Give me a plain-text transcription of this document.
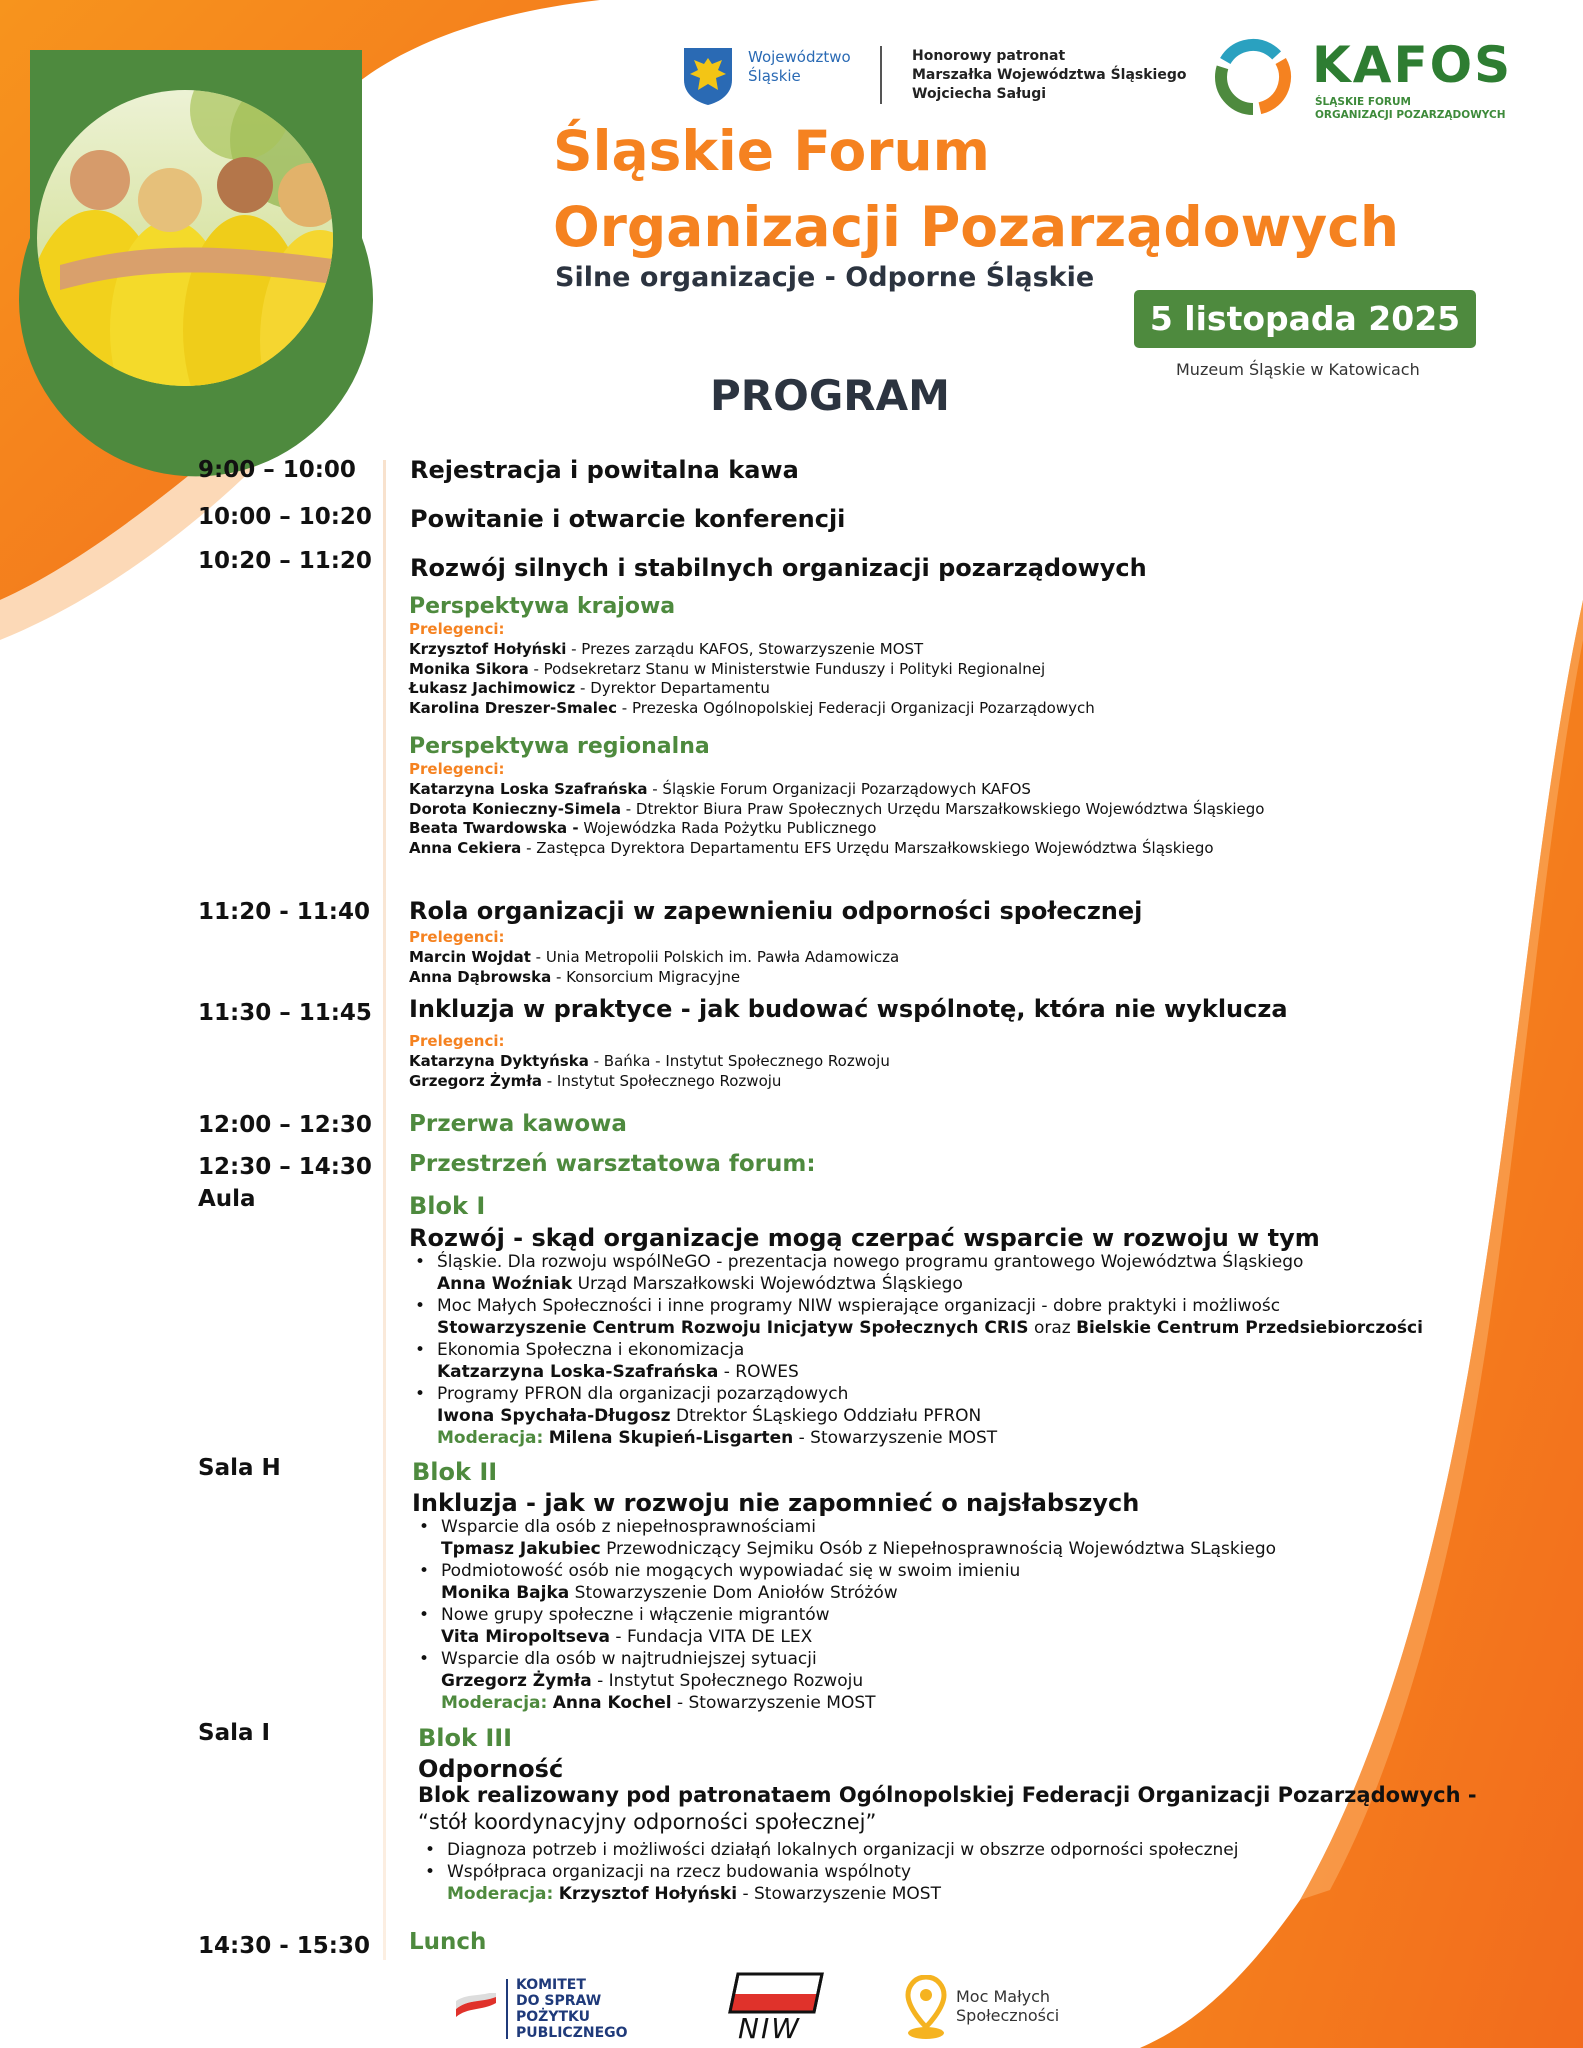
Województwo
Śląskie
Honorowy patronat
Marszałka Województwa Śląskiego
Wojciecha Saługi	KAFOS
ŚLĄSKIE FORUM
ORGANIZACJI POZARZĄDOWYCH
Śląskie Forum
Organizacji Pozarządowych
Silne organizacje - Odporne Śląskie
5 listopada 2025
Muzeum Śląskie w Katowicach
PROGRAM
9:00 – 10:00 Rejestracja i powitalna kawa
10:00 – 10:20 Powitanie i otwarcie konferencji
10:20 – 11:20 Rozwój silnych i stabilnych organizacji pozarządowych
Perspektywa krajowa
Prelegenci:
Krzysztof Hołyński - Prezes zarządu KAFOS, Stowarzyszenie MOST
Monika Sikora - Podsekretarz Stanu w Ministerstwie Funduszy i Polityki Regionalnej
Łukasz Jachimowicz - Dyrektor Departamentu
Karolina Dreszer-Smalec - Prezeska Ogólnopolskiej Federacji Organizacji Pozarządowych
Perspektywa regionalna
Prelegenci:
Katarzyna Loska Szafrańska - Śląskie Forum Organizacji Pozarządowych KAFOS
Dorota Konieczny-Simela - Dtrektor Biura Praw Społecznych Urzędu Marszałkowskiego Województwa Śląskiego
Beata Twardowska - Wojewódzka Rada Pożytku Publicznego
Anna Cekiera - Zastępca Dyrektora Departamentu EFS Urzędu Marszałkowskiego Województwa Śląskiego
11:20 - 11:40 Rola organizacji w zapewnieniu odporności społecznej
Prelegenci:
Marcin Wojdat - Unia Metropolii Polskich im. Pawła Adamowicza
Anna Dąbrowska - Konsorcium Migracyjne
11:30 – 11:45 Inkluzja w praktyce - jak budować wspólnotę, która nie wyklucza
Prelegenci:
Katarzyna Dyktyńska - Bańka - Instytut Społecznego Rozwoju
Grzegorz Żymła - Instytut Społecznego Rozwoju
12:00 – 12:30 Przerwa kawowa
12:30 – 14:30
Aula
Przestrzeń warsztatowa forum:
Blok I
Rozwój - skąd organizacje mogą czerpać wsparcie w rozwoju w tym
• Śląskie. Dla rozwoju wspólNeGO - prezentacja nowego programu grantowego Województwa Śląskiego
Anna Woźniak Urząd Marszałkowski Województwa Śląskiego
• Moc Małych Społeczności i inne programy NIW wspierające organizacji - dobre praktyki i możliwośc
Stowarzyszenie Centrum Rozwoju Inicjatyw Społecznych CRIS oraz Bielskie Centrum Przedsiebiorczości
• Ekonomia Społeczna i ekonomizacja
Katzarzyna Loska-Szafrańska - ROWES
• Programy PFRON dla organizacji pozarządowych
Iwona Spychała-Długosz Dtrektor ŚLąskiego Oddziału PFRON
Moderacja: Milena Skupień-Lisgarten - Stowarzyszenie MOST
Sala H	Blok II
Inkluzja - jak w rozwoju nie zapomnieć o najsłabszych
• Wsparcie dla osób z niepełnosprawnościami
Tpmasz Jakubiec Przewodniczący Sejmiku Osób z Niepełnosprawnością Województwa SLąskiego
• Podmiotowość osób nie mogących wypowiadać się w swoim imieniu
Monika Bajka Stowarzyszenie Dom Aniołów Stróżów
• Nowe grupy społeczne i włączenie migrantów
Vita Miropoltseva - Fundacja VITA DE LEX
• Wsparcie dla osób w najtrudniejszej sytuacji
Grzegorz Żymła - Instytut Społecznego Rozwoju
Moderacja: Anna Kochel - Stowarzyszenie MOST
Sala I	Blok III
Odporność
Blok realizowany pod patronataem Ogólnopolskiej Federacji Organizacji Pozarządowych -
“stół koordynacyjny odporności społecznej”
• Diagnoza potrzeb i możliwości działąń lokalnych organizacji w obszrze odporności społecznej
• Współpraca organizacji na rzecz budowania wspólnoty
Moderacja: Krzysztof Hołyński - Stowarzyszenie MOST
14:30 - 15:30 Lunch
KOMITET
DO SPRAW
POŻYTKU
PUBLICZNEGO	NIW
Moc Małych
Społeczności
